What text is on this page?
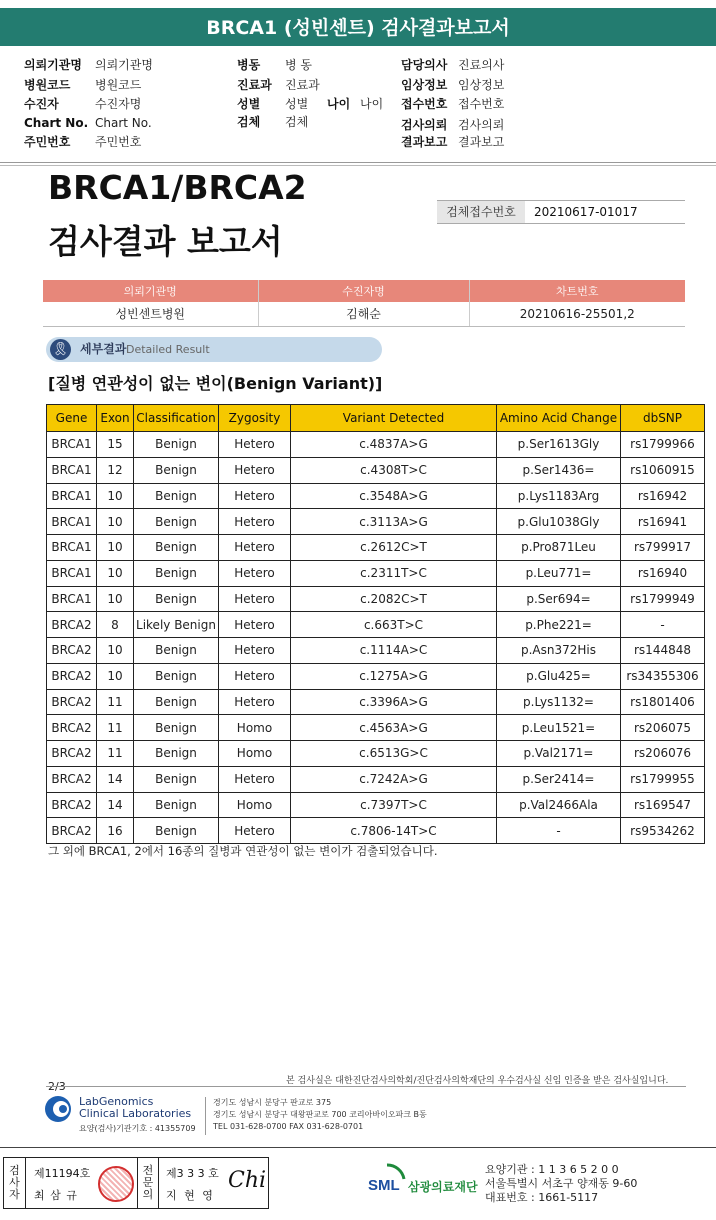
BRCA1 (성빈센트) 검사결과보고서
의뢰기관명 의뢰기관명
병원코드 병원코드
수진자	수진자명
Chart No. Chart No.
주민번호 주민번호
병동 병 동
진료과 진료과
성별 성별
검체 검체
나이 나이
담당의사 진료의사
임상정보 임상정보
접수번호 접수번호
검사의뢰 검사의뢰
결과보고 결과보고
BRCA1/BRCA2
검사결과 보고서
검체접수번호	20210617-01017
의뢰기관명	수진자명	차트번호
성빈센트병원	김해순	20210616-25501,2
🎗︎ 세부결과 Detailed Result
[질병 연관성이 없는 변이(Benign Variant)]
Gene	Exon	Classification	Zygosity	Variant Detected	Amino Acid Change	dbSNP
BRCA1	15	Benign	Hetero	c.4837A>G	p.Ser1613Gly	rs1799966
BRCA1	12	Benign	Hetero	c.4308T>C	p.Ser1436=	rs1060915
BRCA1	10	Benign	Hetero	c.3548A>G	p.Lys1183Arg	rs16942
BRCA1	10	Benign	Hetero	c.3113A>G	p.Glu1038Gly	rs16941
BRCA1	10	Benign	Hetero	c.2612C>T	p.Pro871Leu	rs799917
BRCA1	10	Benign	Hetero	c.2311T>C	p.Leu771=	rs16940
BRCA1	10	Benign	Hetero	c.2082C>T	p.Ser694=	rs1799949
BRCA2	8	Likely Benign	Hetero	c.663T>C	p.Phe221=	-
BRCA2	10	Benign	Hetero	c.1114A>C	p.Asn372His	rs144848
BRCA2	10	Benign	Hetero	c.1275A>G	p.Glu425=	rs34355306
BRCA2	11	Benign	Hetero	c.3396A>G	p.Lys1132=	rs1801406
BRCA2	11	Benign	Homo	c.4563A>G	p.Leu1521=	rs206075
BRCA2	11	Benign	Homo	c.6513G>C	p.Val2171=	rs206076
BRCA2	14	Benign	Hetero	c.7242A>G	p.Ser2414=	rs1799955
BRCA2	14	Benign	Homo	c.7397T>C	p.Val2466Ala	rs169547
BRCA2	16	Benign	Hetero	c.7806-14T>C	-	rs9534262
그 외에 BRCA1, 2에서 16종의 질병과 연관성이 없는 변이가 검출되었습니다.
2/3	본 검사실은 대한진단검사의학회/진단검사의학재단의 우수검사실 신임 인증을 받은 검사실입니다.
LabGenomics
Clinical Laboratories
요양(검사)기관기호 : 41355709
경기도 성남시 분당구 판교로 375
경기도 성남시 분당구 대왕판교로 700 코리아바이오파크 B동
TEL 031-628-0700 FAX 031-628-0701
검
사
자
제11194호
최 삼 규
전
문
의
제3 3 3 호
지 현 영
Chi	SML 삼광의료재단
요양기관 : 1 1 3 6 5 2 0 0
서울특별시 서초구 양재동 9-60
대표번호 : 1661-5117
